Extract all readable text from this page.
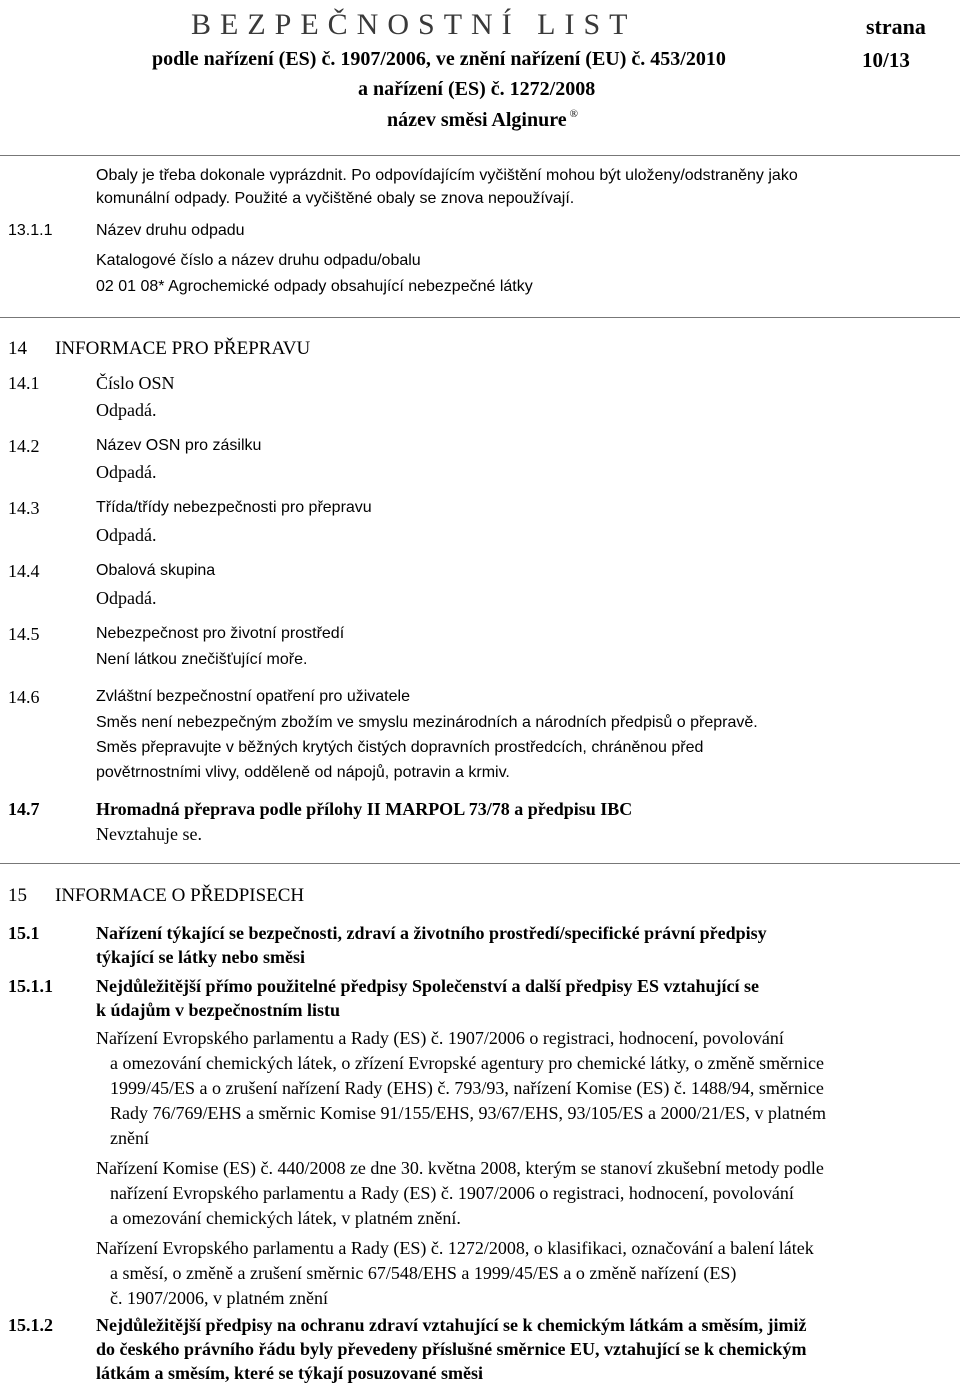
BEZPEČNOSTNÍ LIST
podle nařízení (ES) č. 1907/2006, ve znění nařízení (EU) č. 453/2010
a nařízení (ES) č. 1272/2008
název směsi Alginure ®
strana
10/13
Obaly je třeba dokonale vyprázdnit. Po odpovídajícím vyčištění mohou být uloženy/odstraněny jako
komunální odpady. Použité a vyčištěné obaly se znova nepoužívají.
13.1.1	Název druhu odpadu
Katalogové číslo a název druhu odpadu/obalu
02 01 08* Agrochemické odpady obsahující nebezpečné látky
14 INFORMACE PRO PŘEPRAVU
14.1	Číslo OSN
Odpadá.
14.2	Název OSN pro zásilku
Odpadá.
14.3	Třída/třídy nebezpečnosti pro přepravu
Odpadá.
14.4	Obalová skupina
Odpadá.
14.5	Nebezpečnost pro životní prostředí
Není látkou znečišťující moře.
14.6	Zvláštní bezpečnostní opatření pro uživatele
Směs není nebezpečným zbožím ve smyslu mezinárodních a národních předpisů o přepravě.
Směs přepravujte v běžných krytých čistých dopravních prostředcích, chráněnou před
povětrnostními vlivy, odděleně od nápojů, potravin a krmiv.
14.7	Hromadná přeprava podle přílohy II MARPOL 73/78 a předpisu IBC
Nevztahuje se.
15 INFORMACE O PŘEDPISECH
15.1	Nařízení týkající se bezpečnosti, zdraví a životního prostředí/specifické právní předpisy
týkající se látky nebo směsi
15.1.1 Nejdůležitější přímo použitelné předpisy Společenství a další předpisy ES vztahující se
k údajům v bezpečnostním listu
Nařízení Evropského parlamentu a Rady (ES) č. 1907/2006 o registraci, hodnocení, povolování
a omezování chemických látek, o zřízení Evropské agentury pro chemické látky, o změně směrnice
1999/45/ES a o zrušení nařízení Rady (EHS) č. 793/93, nařízení Komise (ES) č. 1488/94, směrnice
Rady 76/769/EHS a směrnic Komise 91/155/EHS, 93/67/EHS, 93/105/ES a 2000/21/ES, v platném
znění
Nařízení Komise (ES) č. 440/2008 ze dne 30. května 2008, kterým se stanoví zkušební metody podle
nařízení Evropského parlamentu a Rady (ES) č. 1907/2006 o registraci, hodnocení, povolování
a omezování chemických látek, v platném znění.
Nařízení Evropského parlamentu a Rady (ES) č. 1272/2008, o klasifikaci, označování a balení látek
a směsí, o změně a zrušení směrnic 67/548/EHS a 1999/45/ES a o změně nařízení (ES)
č. 1907/2006, v platném znění
15.1.2 Nejdůležitější předpisy na ochranu zdraví vztahující se k chemickým látkám a směsím, jimiž
do českého právního řádu byly převedeny příslušné směrnice EU, vztahující se k chemickým
látkám a směsím, které se týkají posuzované směsi
